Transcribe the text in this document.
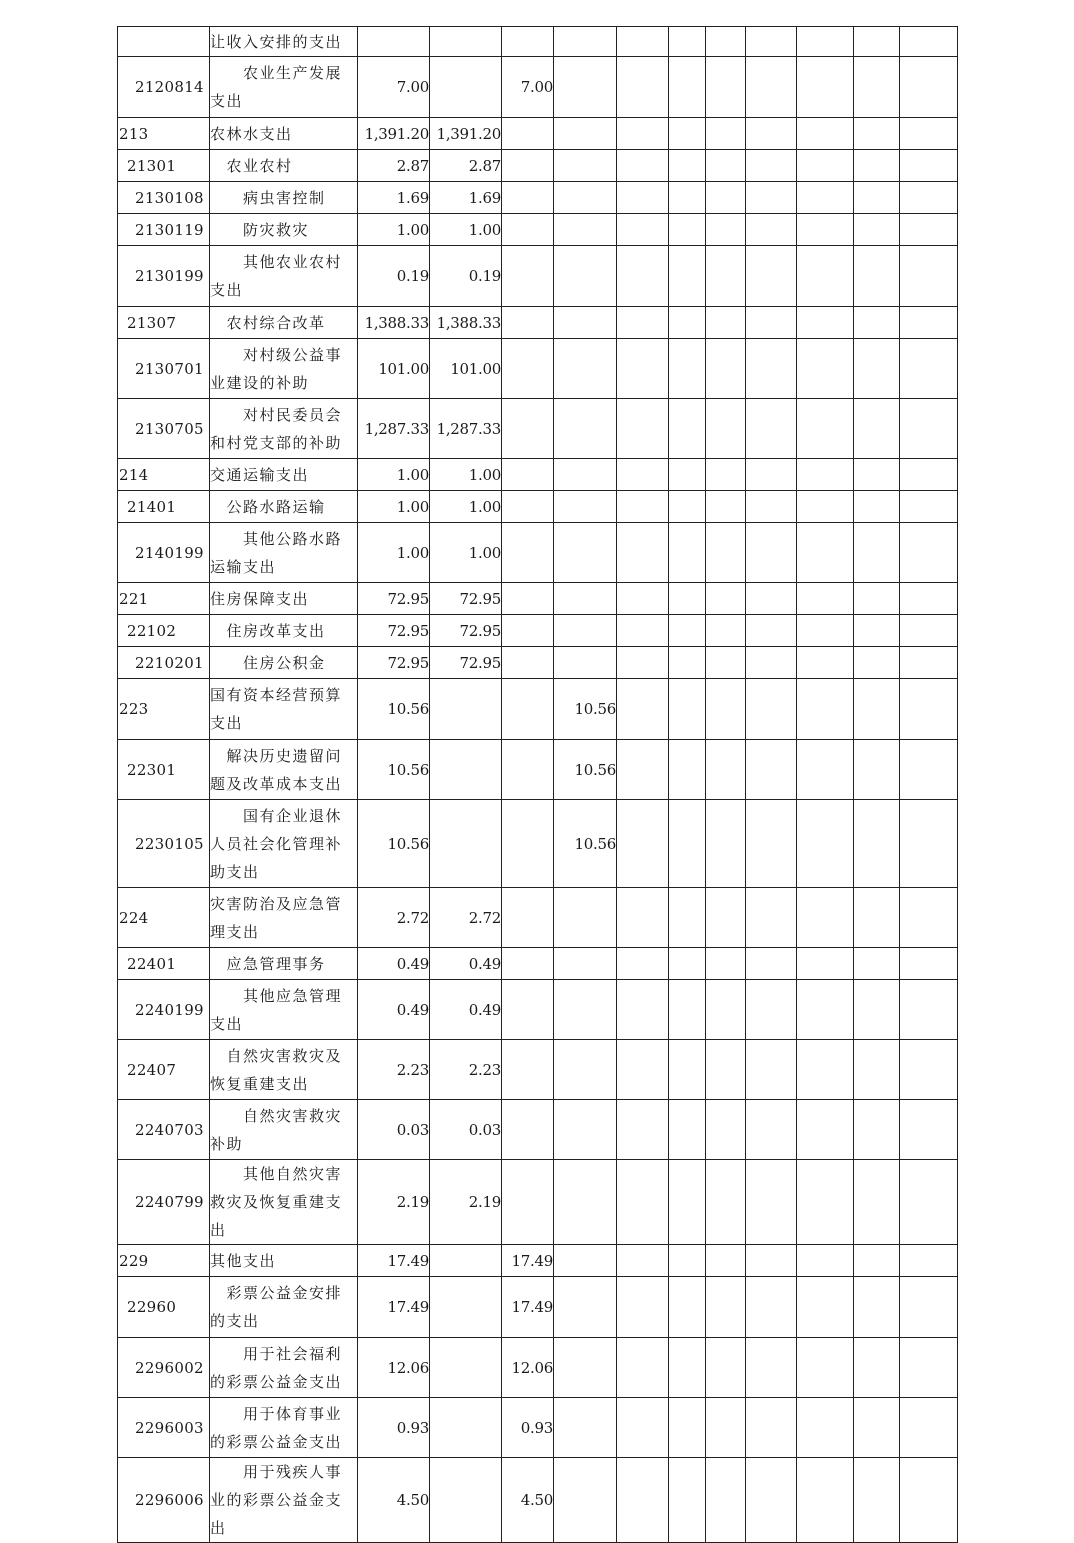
	让收入安排的支出											
2120814	　　农业生产发展支出	7.00		7.00								
213	农林水支出	1,391.20	1,391.20									
21301	　农业农村	2.87	2.87									
2130108	　　病虫害控制	1.69	1.69									
2130119	　　防灾救灾	1.00	1.00									
2130199	　　其他农业农村支出	0.19	0.19									
21307	　农村综合改革	1,388.33	1,388.33									
2130701	　　对村级公益事业建设的补助	101.00	101.00									
2130705	　　对村民委员会和村党支部的补助	1,287.33	1,287.33									
214	交通运输支出	1.00	1.00									
21401	　公路水路运输	1.00	1.00									
2140199	　　其他公路水路运输支出	1.00	1.00									
221	住房保障支出	72.95	72.95									
22102	　住房改革支出	72.95	72.95									
2210201	　　住房公积金	72.95	72.95									
223	国有资本经营预算支出	10.56			10.56							
22301	　解决历史遗留问题及改革成本支出	10.56			10.56							
2230105	　　国有企业退休人员社会化管理补助支出	10.56			10.56							
224	灾害防治及应急管理支出	2.72	2.72									
22401	　应急管理事务	0.49	0.49									
2240199	　　其他应急管理支出	0.49	0.49									
22407	　自然灾害救灾及恢复重建支出	2.23	2.23									
2240703	　　自然灾害救灾补助	0.03	0.03									
2240799	　　其他自然灾害救灾及恢复重建支出	2.19	2.19									
229	其他支出	17.49		17.49								
22960	　彩票公益金安排的支出	17.49		17.49								
2296002	　　用于社会福利的彩票公益金支出	12.06		12.06								
2296003	　　用于体育事业的彩票公益金支出	0.93		0.93								
2296006	　　用于残疾人事业的彩票公益金支出	4.50		4.50								
